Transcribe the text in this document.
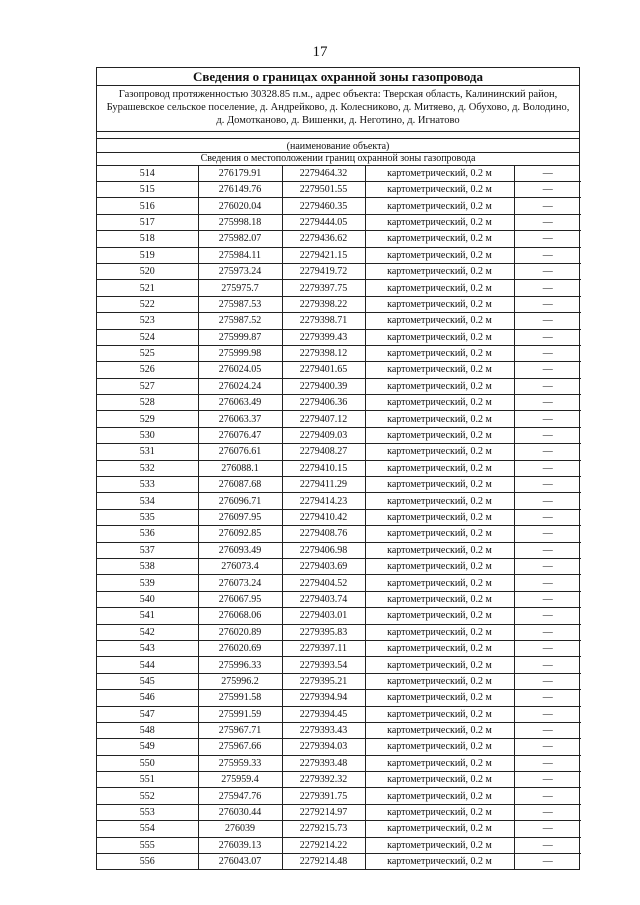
17
Сведения о границах охранной зоны газопровода
Газопровод протяженностью 30328.85 п.м., адрес объекта: Тверская область, Калининский район, Бурашевское сельское поселение, д. Андрейково, д. Колесниково, д. Митяево, д. Обухово, д. Володино, д. Домотканово, д. Вишенки, д. Неготино, д. Игнатово
(наименование объекта)
Сведения о местоположении границ охранной зоны газопровода
514	276179.91	2279464.32	картометрический, 0.2 м	—
515	276149.76	2279501.55	картометрический, 0.2 м	—
516	276020.04	2279460.35	картометрический, 0.2 м	—
517	275998.18	2279444.05	картометрический, 0.2 м	—
518	275982.07	2279436.62	картометрический, 0.2 м	—
519	275984.11	2279421.15	картометрический, 0.2 м	—
520	275973.24	2279419.72	картометрический, 0.2 м	—
521	275975.7	2279397.75	картометрический, 0.2 м	—
522	275987.53	2279398.22	картометрический, 0.2 м	—
523	275987.52	2279398.71	картометрический, 0.2 м	—
524	275999.87	2279399.43	картометрический, 0.2 м	—
525	275999.98	2279398.12	картометрический, 0.2 м	—
526	276024.05	2279401.65	картометрический, 0.2 м	—
527	276024.24	2279400.39	картометрический, 0.2 м	—
528	276063.49	2279406.36	картометрический, 0.2 м	—
529	276063.37	2279407.12	картометрический, 0.2 м	—
530	276076.47	2279409.03	картометрический, 0.2 м	—
531	276076.61	2279408.27	картометрический, 0.2 м	—
532	276088.1	2279410.15	картометрический, 0.2 м	—
533	276087.68	2279411.29	картометрический, 0.2 м	—
534	276096.71	2279414.23	картометрический, 0.2 м	—
535	276097.95	2279410.42	картометрический, 0.2 м	—
536	276092.85	2279408.76	картометрический, 0.2 м	—
537	276093.49	2279406.98	картометрический, 0.2 м	—
538	276073.4	2279403.69	картометрический, 0.2 м	—
539	276073.24	2279404.52	картометрический, 0.2 м	—
540	276067.95	2279403.74	картометрический, 0.2 м	—
541	276068.06	2279403.01	картометрический, 0.2 м	—
542	276020.89	2279395.83	картометрический, 0.2 м	—
543	276020.69	2279397.11	картометрический, 0.2 м	—
544	275996.33	2279393.54	картометрический, 0.2 м	—
545	275996.2	2279395.21	картометрический, 0.2 м	—
546	275991.58	2279394.94	картометрический, 0.2 м	—
547	275991.59	2279394.45	картометрический, 0.2 м	—
548	275967.71	2279393.43	картометрический, 0.2 м	—
549	275967.66	2279394.03	картометрический, 0.2 м	—
550	275959.33	2279393.48	картометрический, 0.2 м	—
551	275959.4	2279392.32	картометрический, 0.2 м	—
552	275947.76	2279391.75	картометрический, 0.2 м	—
553	276030.44	2279214.97	картометрический, 0.2 м	—
554	276039	2279215.73	картометрический, 0.2 м	—
555	276039.13	2279214.22	картометрический, 0.2 м	—
556	276043.07	2279214.48	картометрический, 0.2 м	—
